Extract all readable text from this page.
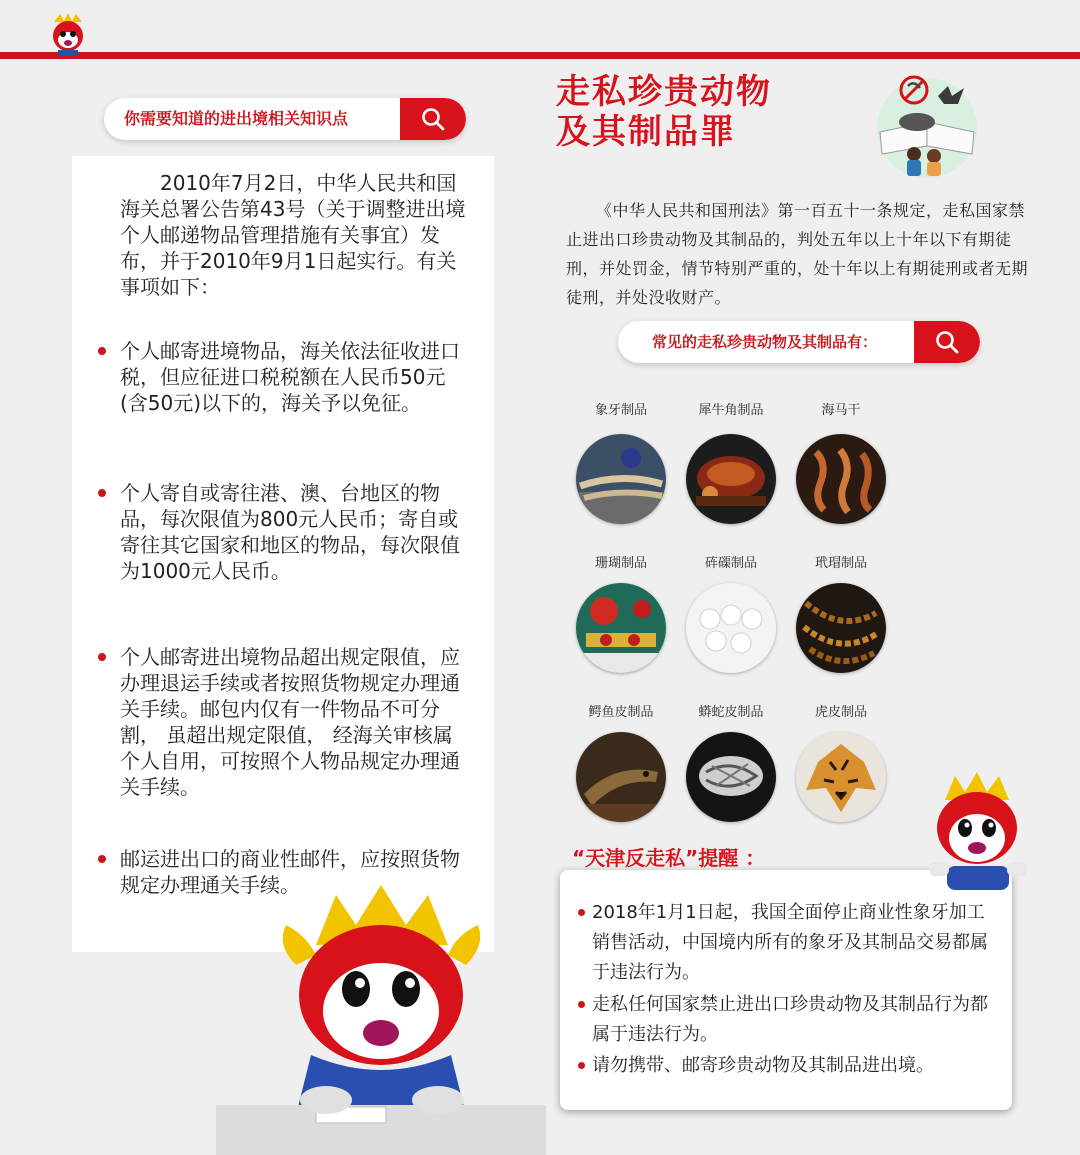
你需要知道的进出境相关知识点
2010年7月2日，中华人民共和国海关总署公告第43号（关于调整进出境个人邮递物品管理措施有关事宜）发布，并于2010年9月1日起实行。有关事项如下：
个人邮寄进境物品，海关依法征收进口税，但应征进口税税额在人民币50元(含50元)以下的，海关予以免征。
个人寄自或寄往港、澳、台地区的物品，每次限值为800元人民币；寄自或寄往其它国家和地区的物品，每次限值为1000元人民币。
个人邮寄进出境物品超出规定限值，应办理退运手续或者按照货物规定办理通关手续。邮包内仅有一件物品不可分割， 虽超出规定限值， 经海关审核属个人自用，可按照个人物品规定办理通关手续。
邮运进出口的商业性邮件，应按照货物规定办理通关手续。
走私珍贵动物
及其制品罪
《中华人民共和国刑法》第一百五十一条规定，走私国家禁止进出口珍贵动物及其制品的，判处五年以上十年以下有期徒刑，并处罚金，情节特别严重的，处十年以上有期徒刑或者无期徒刑，并处没收财产。
常见的走私珍贵动物及其制品有：
象牙制品	犀牛角制品	海马干
珊瑚制品	砗磲制品	玳瑁制品
鳄鱼皮制品	蟒蛇皮制品	虎皮制品
“天津反走私”提醒 ：
2018年1月1日起，我国全面停止商业性象牙加工销售活动，中国境内所有的象牙及其制品交易都属于违法行为。
走私任何国家禁止进出口珍贵动物及其制品行为都属于违法行为。
请勿携带、邮寄珍贵动物及其制品进出境。
